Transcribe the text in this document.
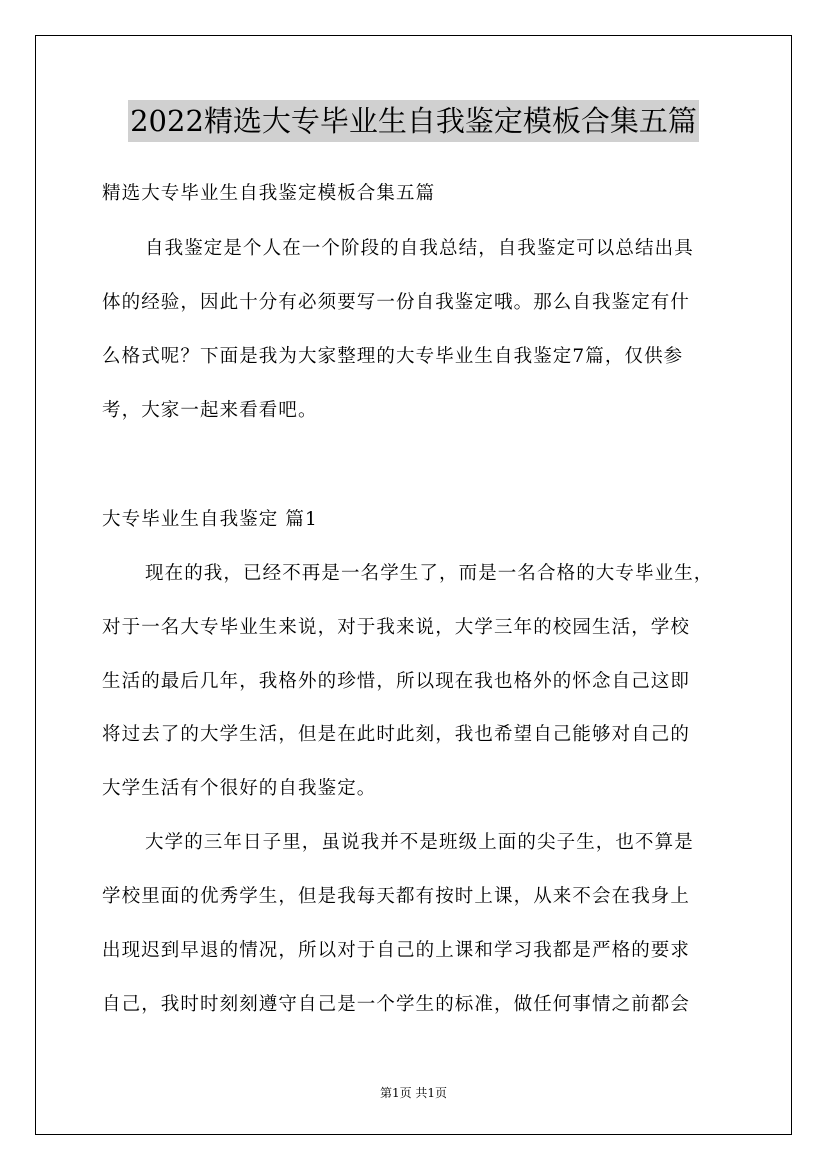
2022精选大专毕业生自我鉴定模板合集五篇
精选大专毕业生自我鉴定模板合集五篇
自我鉴定是个人在一个阶段的自我总结，自我鉴定可以总结出具
体的经验，因此十分有必须要写一份自我鉴定哦。那么自我鉴定有什
么格式呢？下面是我为大家整理的大专毕业生自我鉴定7篇，仅供参
考，大家一起来看看吧。
大专毕业生自我鉴定 篇1
现在的我，已经不再是一名学生了，而是一名合格的大专毕业生，
对于一名大专毕业生来说，对于我来说，大学三年的校园生活，学校
生活的最后几年，我格外的珍惜，所以现在我也格外的怀念自己这即
将过去了的大学生活，但是在此时此刻，我也希望自己能够对自己的
大学生活有个很好的自我鉴定。
大学的三年日子里，虽说我并不是班级上面的尖子生，也不算是
学校里面的优秀学生，但是我每天都有按时上课，从来不会在我身上
出现迟到早退的情况，所以对于自己的上课和学习我都是严格的要求
自己，我时时刻刻遵守自己是一个学生的标准，做任何事情之前都会
第1页 共1页
